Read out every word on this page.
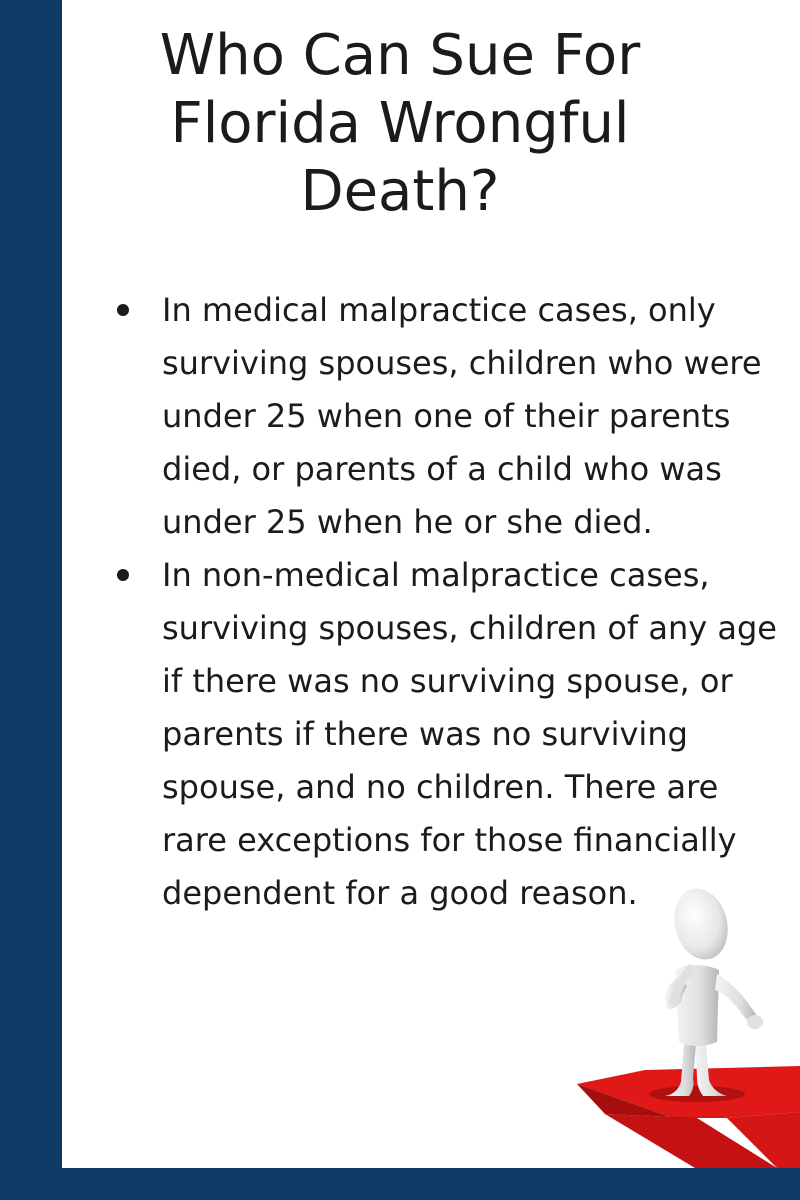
Who Can Sue For
Florida Wrongful
Death?
In medical malpractice cases, only
surviving spouses, children who were
under 25 when one of their parents
died, or parents of a child who was
under 25 when he or she died.
In non-medical malpractice cases,
surviving spouses, children of any age
if there was no surviving spouse, or
parents if there was no surviving
spouse, and no children. There are
rare exceptions for those financially
dependent for a good reason.
